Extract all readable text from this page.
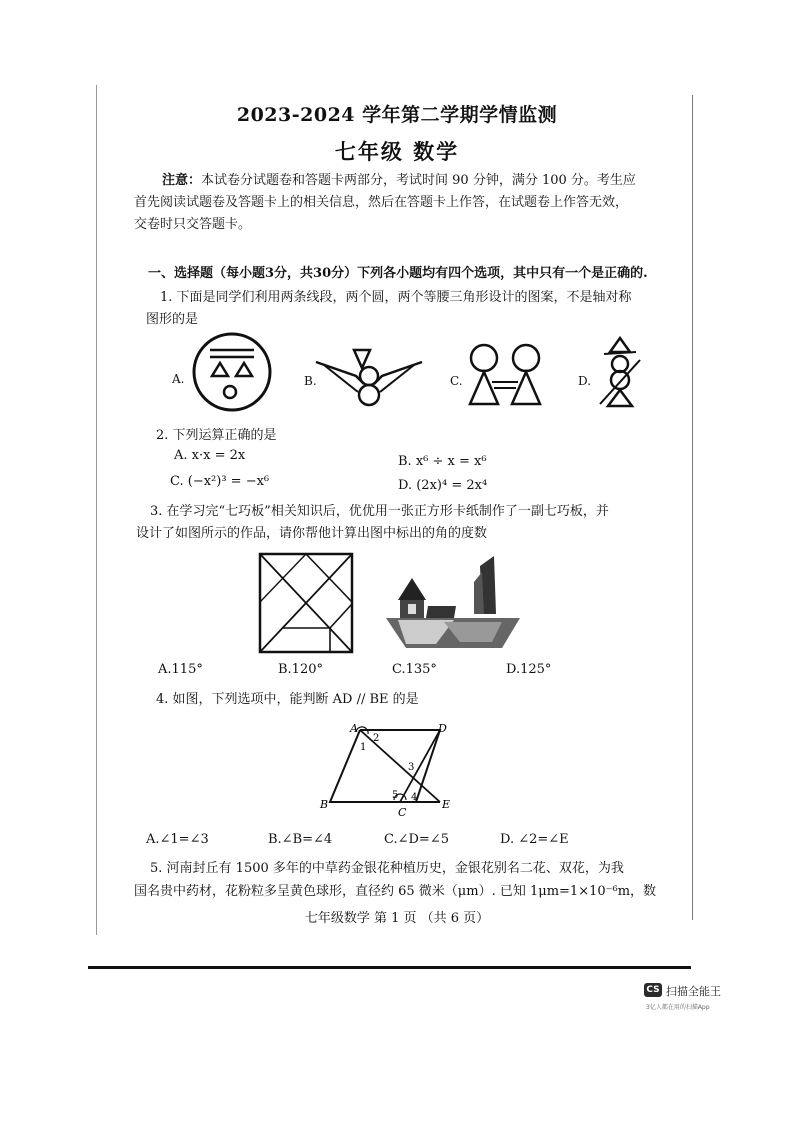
2023-2024 学年第二学期学情监测
七年级 数学
注意：本试卷分试题卷和答题卡两部分，考试时间 90 分钟，满分 100 分。考生应
首先阅读试题卷及答题卡上的相关信息，然后在答题卡上作答，在试题卷上作答无效，
交卷时只交答题卡。
一、选择题（每小题3分，共30分）下列各小题均有四个选项，其中只有一个是正确的.
1. 下面是同学们利用两条线段，两个圆，两个等腰三角形设计的图案，不是轴对称
图形的是
A.	B.	C.	D.
2. 下列运算正确的是
A. x·x = 2x	B. x⁶ ÷ x = x⁶
C. (−x²)³ = −x⁶	D. (2x)⁴ = 2x⁴
3. 在学习完“七巧板”相关知识后，优优用一张正方形卡纸制作了一副七巧板，并
设计了如图所示的作品，请你帮他计算出图中标出的角的度数
A.115°	B.120°	C.135°	D.125°
4. 如图，下列选项中，能判断 AD // BE 的是
A	D
B
C
E
1
2
3
4
5
A.∠1=∠3	B.∠B=∠4	C.∠D=∠5	D. ∠2=∠E
5. 河南封丘有 1500 多年的中草药金银花种植历史，金银花别名二花、双花，为我
国名贵中药材，花粉粒多呈黄色球形，直径约 65 微米（μm）. 已知 1μm=1×10⁻⁶m，数
七年级数学 第 1 页 （共 6 页）
CS 扫描全能王
3亿人都在用的扫描App
